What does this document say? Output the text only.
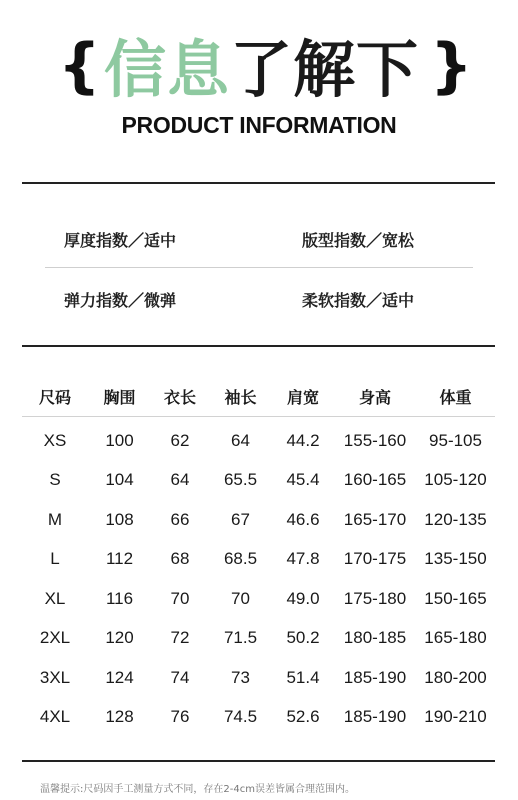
{ 信息了解下 }
PRODUCT INFORMATION
厚度指数／适中	版型指数／宽松
弹力指数／微弹	柔软指数／适中
尺码	胸围	衣长	袖长	肩宽	身高	体重
XS	100	62	64	44.2	155-160	95-105
S	104	64	65.5	45.4	160-165	105-120
M	108	66	67	46.6	165-170	120-135
L	112	68	68.5	47.8	170-175	135-150
XL	116	70	70	49.0	175-180	150-165
2XL	120	72	71.5	50.2	180-185	165-180
3XL	124	74	73	51.4	185-190	180-200
4XL	128	76	74.5	52.6	185-190	190-210
温馨提示:尺码因手工测量方式不同，存在2-4cm误差皆属合理范围内。
